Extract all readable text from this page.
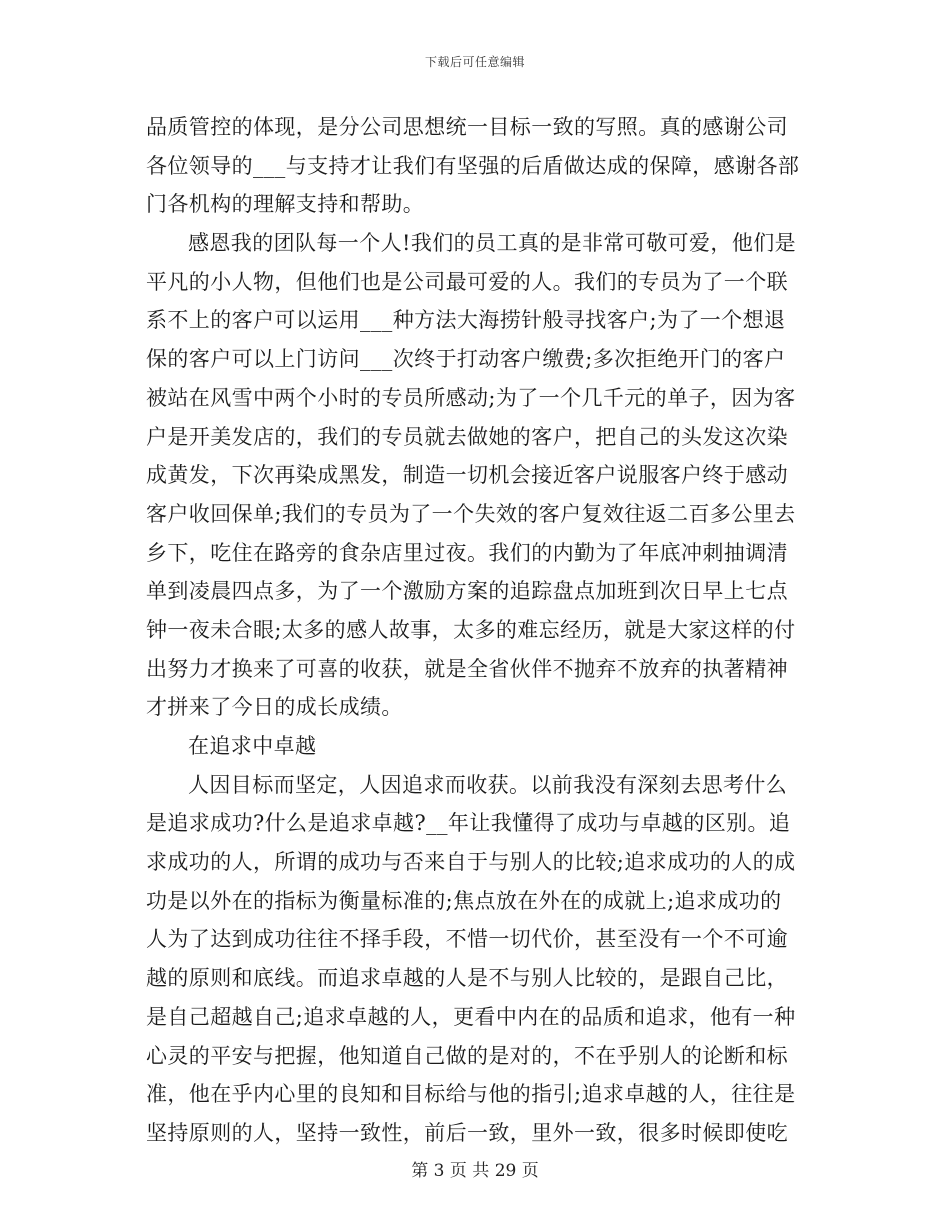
下载后可任意编辑
品质管控的体现，是分公司思想统一目标一致的写照。真的感谢公司
各位领导的___与支持才让我们有坚强的后盾做达成的保障，感谢各部
门各机构的理解支持和帮助。
感恩我的团队每一个人!我们的员工真的是非常可敬可爱，他们是
平凡的小人物，但他们也是公司最可爱的人。我们的专员为了一个联
系不上的客户可以运用___种方法大海捞针般寻找客户;为了一个想退
保的客户可以上门访问___次终于打动客户缴费;多次拒绝开门的客户
被站在风雪中两个小时的专员所感动;为了一个几千元的单子，因为客
户是开美发店的，我们的专员就去做她的客户，把自己的头发这次染
成黄发，下次再染成黑发，制造一切机会接近客户说服客户终于感动
客户收回保单;我们的专员为了一个失效的客户复效往返二百多公里去
乡下，吃住在路旁的食杂店里过夜。我们的内勤为了年底冲刺抽调清
单到凌晨四点多，为了一个激励方案的追踪盘点加班到次日早上七点
钟一夜未合眼;太多的感人故事，太多的难忘经历，就是大家这样的付
出努力才换来了可喜的收获，就是全省伙伴不抛弃不放弃的执著精神
才拼来了今日的成长成绩。
在追求中卓越
人因目标而坚定，人因追求而收获。以前我没有深刻去思考什么
是追求成功?什么是追求卓越?__年让我懂得了成功与卓越的区别。追
求成功的人，所谓的成功与否来自于与别人的比较;追求成功的人的成
功是以外在的指标为衡量标准的;焦点放在外在的成就上;追求成功的
人为了达到成功往往不择手段，不惜一切代价，甚至没有一个不可逾
越的原则和底线。而追求卓越的人是不与别人比较的，是跟自己比，
是自己超越自己;追求卓越的人，更看中内在的品质和追求，他有一种
心灵的平安与把握，他知道自己做的是对的，不在乎别人的论断和标
准，他在乎内心里的良知和目标给与他的指引;追求卓越的人，往往是
坚持原则的人，坚持一致性，前后一致，里外一致，很多时候即使吃
第 3 页 共 29 页
